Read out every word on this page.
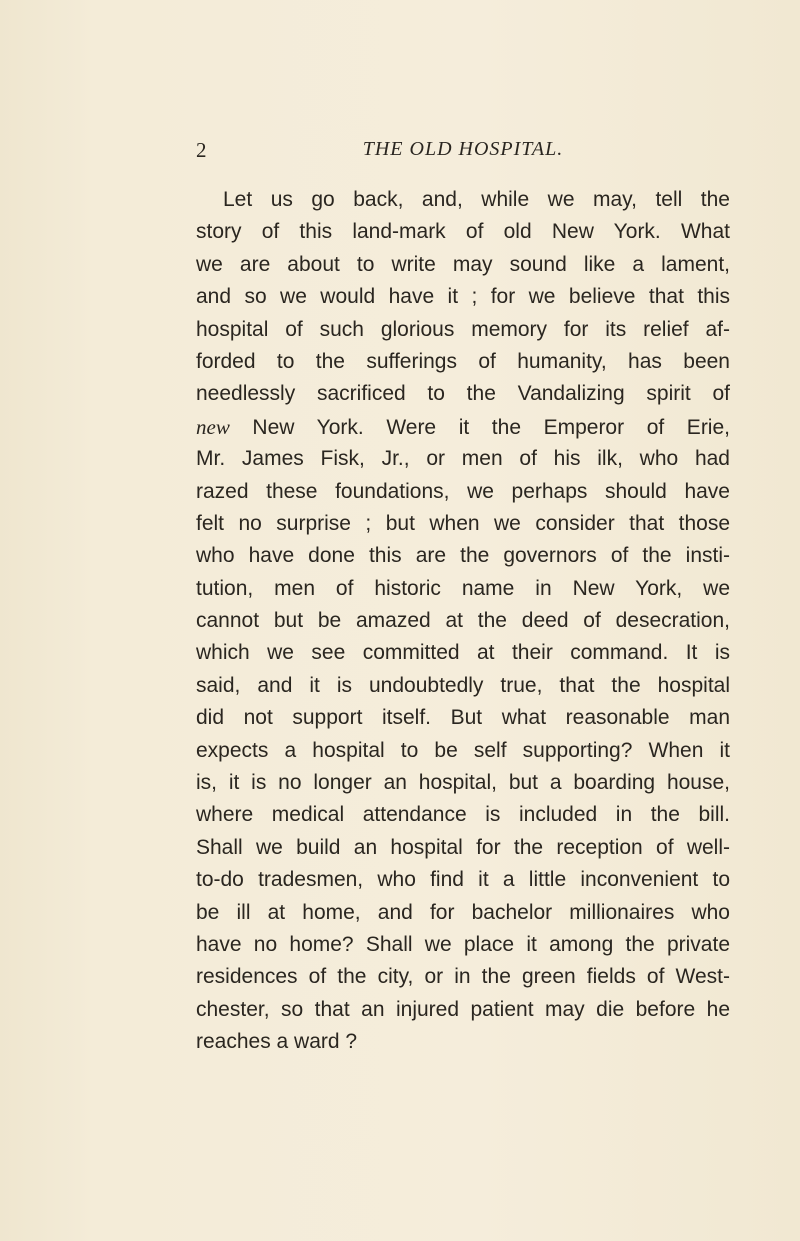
2	THE OLD HOSPITAL.
Let us go back, and, while we may, tell the
story of this land-mark of old New York. What
we are about to write may sound like a lament,
and so we would have it ; for we believe that this
hospital of such glorious memory for its relief af-
forded to the sufferings of humanity, has been
needlessly sacrificed to the Vandalizing spirit of
new New York. Were it the Emperor of Erie,
Mr. James Fisk, Jr., or men of his ilk, who had
razed these foundations, we perhaps should have
felt no surprise ; but when we consider that those
who have done this are the governors of the insti-
tution, men of historic name in New York, we
cannot but be amazed at the deed of desecration,
which we see committed at their command. It is
said, and it is undoubtedly true, that the hospital
did not support itself. But what reasonable man
expects a hospital to be self supporting? When it
is, it is no longer an hospital, but a boarding house,
where medical attendance is included in the bill.
Shall we build an hospital for the reception of well-
to-do tradesmen, who find it a little inconvenient to
be ill at home, and for bachelor millionaires who
have no home? Shall we place it among the private
residences of the city, or in the green fields of West-
chester, so that an injured patient may die before he
reaches a ward ?
